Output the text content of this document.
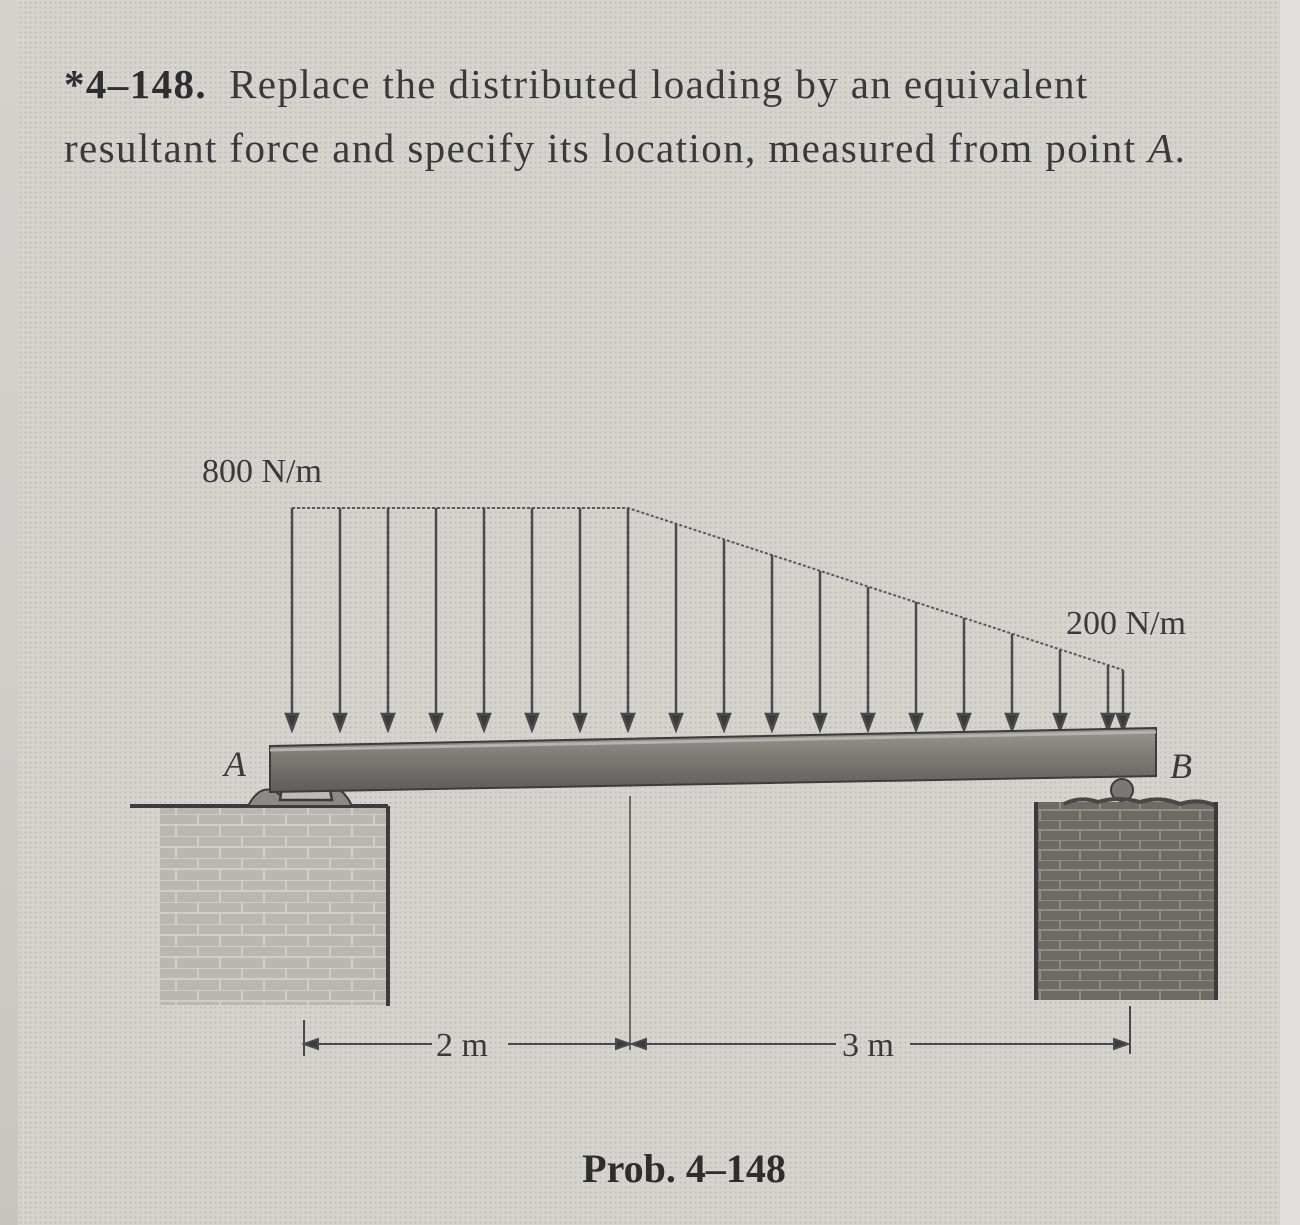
*4–148. Replace the distributed loading by an equivalent resultant force and specify its location, measured from point A.
800 N/m
200 N/m
A	B
2 m	3 m
Prob. 4–148
